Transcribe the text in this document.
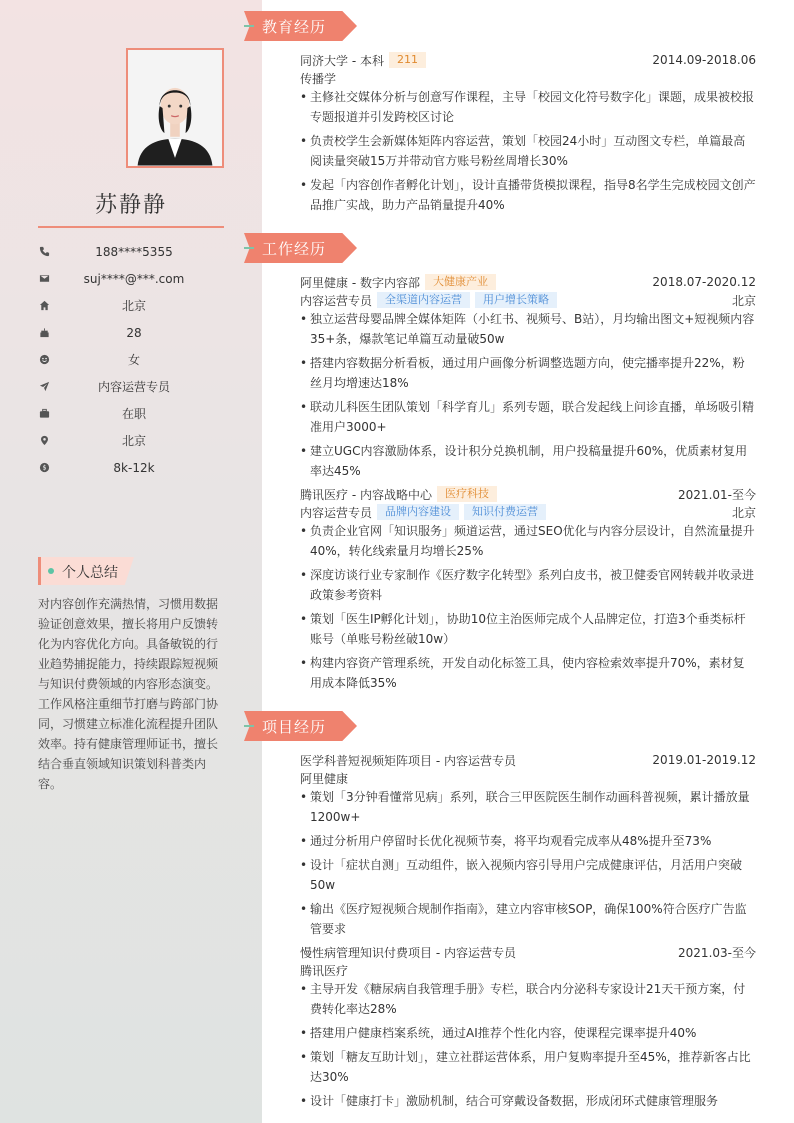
苏静静
188****5355
suj****@***.com
北京
28
女
内容运营专员
在职
北京
$	8k-12k
个人总结
对内容创作充满热情，习惯用数据验证创意效果，擅长将用户反馈转化为内容优化方向。具备敏锐的行业趋势捕捉能力，持续跟踪短视频与知识付费领域的内容形态演变。工作风格注重细节打磨与跨部门协同，习惯建立标准化流程提升团队效率。持有健康管理师证书，擅长结合垂直领域知识策划科普类内容。
教育经历
同济大学 - 本科	211	2014.09-2018.06
传播学
• 主修社交媒体分析与创意写作课程，主导「校园文化符号数字化」课题，成果被校报专题报道并引发跨校区讨论
• 负责校学生会新媒体矩阵内容运营，策划「校园24小时」互动图文专栏，单篇最高阅读量突破15万并带动官方账号粉丝周增长30%
• 发起「内容创作者孵化计划」，设计直播带货模拟课程，指导8名学生完成校园文创产品推广实战，助力产品销量提升40%
工作经历
阿里健康 - 数字内容部	大健康产业	2018.07-2020.12
内容运营专员	全渠道内容运营	用户增长策略	北京
• 独立运营母婴品牌全媒体矩阵（小红书、视频号、B站），月均输出图文+短视频内容35+条，爆款笔记单篇互动量破50w
• 搭建内容数据分析看板，通过用户画像分析调整选题方向，使完播率提升22%，粉丝月均增速达18%
• 联动儿科医生团队策划「科学育儿」系列专题，联合发起线上问诊直播，单场吸引精准用户3000+
• 建立UGC内容激励体系，设计积分兑换机制，用户投稿量提升60%，优质素材复用率达45%
腾讯医疗 - 内容战略中心	医疗科技	2021.01-至今
内容运营专员	品牌内容建设	知识付费运营	北京
• 负责企业官网「知识服务」频道运营，通过SEO优化与内容分层设计，自然流量提升40%，转化线索量月均增长25%
• 深度访谈行业专家制作《医疗数字化转型》系列白皮书，被卫健委官网转载并收录进政策参考资料
• 策划「医生IP孵化计划」，协助10位主治医师完成个人品牌定位，打造3个垂类标杆账号（单账号粉丝破10w）
• 构建内容资产管理系统，开发自动化标签工具，使内容检索效率提升70%，素材复用成本降低35%
项目经历
医学科普短视频矩阵项目 - 内容运营专员	2019.01-2019.12
阿里健康
• 策划「3分钟看懂常见病」系列，联合三甲医院医生制作动画科普视频，累计播放量1200w+
• 通过分析用户停留时长优化视频节奏，将平均观看完成率从48%提升至73%
• 设计「症状自测」互动组件，嵌入视频内容引导用户完成健康评估，月活用户突破50w
• 输出《医疗短视频合规制作指南》，建立内容审核SOP，确保100%符合医疗广告监管要求
慢性病管理知识付费项目 - 内容运营专员	2021.03-至今
腾讯医疗
• 主导开发《糖尿病自我管理手册》专栏，联合内分泌科专家设计21天干预方案，付费转化率达28%
• 搭建用户健康档案系统，通过AI推荐个性化内容，使课程完课率提升40%
• 策划「糖友互助计划」，建立社群运营体系，用户复购率提升至45%，推荐新客占比达30%
• 设计「健康打卡」激励机制，结合可穿戴设备数据，形成闭环式健康管理服务
